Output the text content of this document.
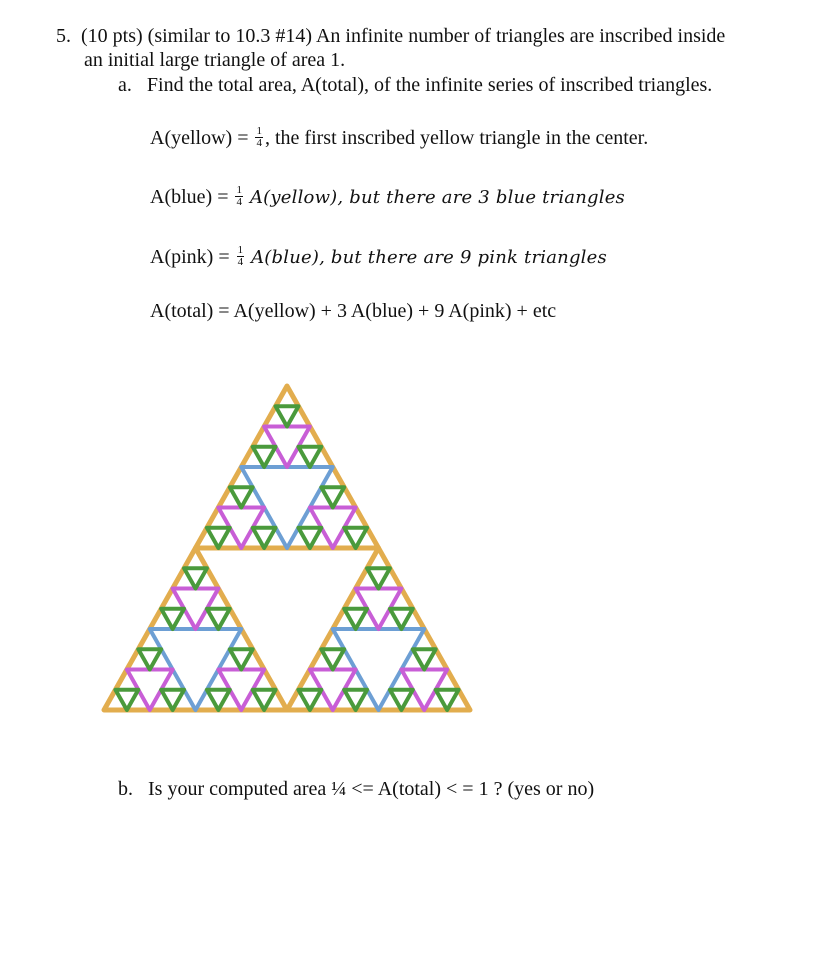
5. (10 pts) (similar to 10.3 #14) An infinite number of triangles are inscribed inside
an initial large triangle of area 1.
a. Find the total area, A(total), of the infinite series of inscribed triangles.
A(yellow) = $\frac{1}{4}$ , the first inscribed yellow triangle in the center.
A(blue) = $\frac{1}{4}$ A(yellow), but there are 3 blue triangles
A(pink) = $\frac{1}{4}$ A(blue), but there are 9 pink triangles
A(total) = A(yellow) + 3 A(blue) + 9 A(pink) + etc
b. Is your computed area ¼ <= A(total) < = 1 ? (yes or no)
